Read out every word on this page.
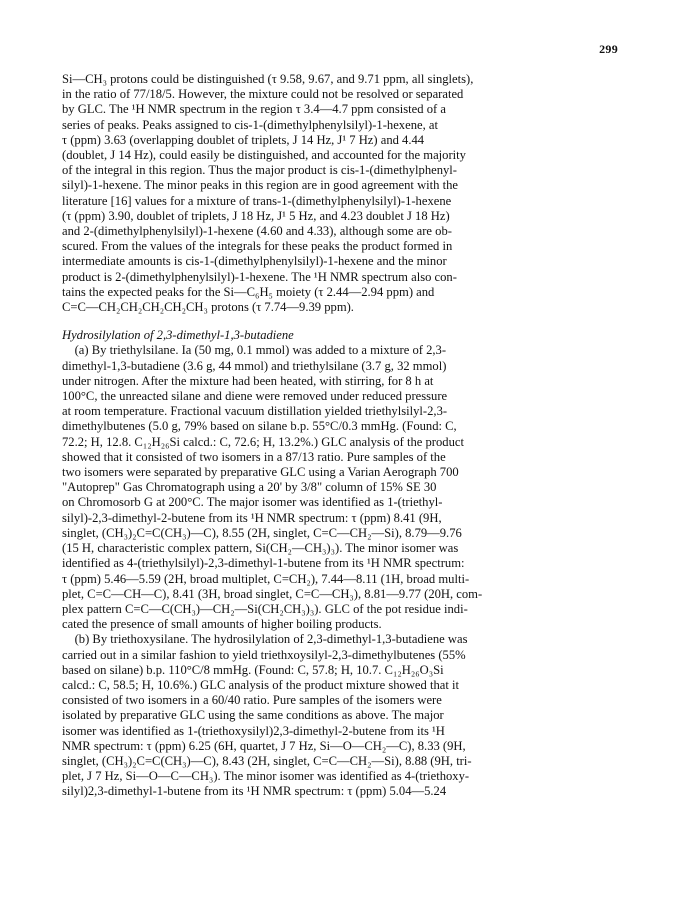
299
Si—CH₃ protons could be distinguished (τ 9.58, 9.67, and 9.71 ppm, all singlets),
in the ratio of 77/18/5. However, the mixture could not be resolved or separated
by GLC. The ¹H NMR spectrum in the region τ 3.4—4.7 ppm consisted of a
series of peaks. Peaks assigned to cis-1-(dimethylphenylsilyl)-1-hexene, at
τ (ppm) 3.63 (overlapping doublet of triplets, J 14 Hz, J¹ 7 Hz) and 4.44
(doublet, J 14 Hz), could easily be distinguished, and accounted for the majority
of the integral in this region. Thus the major product is cis-1-(dimethylphenyl-
silyl)-1-hexene. The minor peaks in this region are in good agreement with the
literature [16] values for a mixture of trans-1-(dimethylphenylsilyl)-1-hexene
(τ (ppm) 3.90, doublet of triplets, J 18 Hz, J¹ 5 Hz, and 4.23 doublet J 18 Hz)
and 2-(dimethylphenylsilyl)-1-hexene (4.60 and 4.33), although some are ob-
scured. From the values of the integrals for these peaks the product formed in
intermediate amounts is cis-1-(dimethylphenylsilyl)-1-hexene and the minor
product is 2-(dimethylphenylsilyl)-1-hexene. The ¹H NMR spectrum also con-
tains the expected peaks for the Si—C₆H₅ moiety (τ 2.44—2.94 ppm) and
C=C—CH₂CH₂CH₂CH₂CH₃ protons (τ 7.74—9.39 ppm).
Hydrosilylation of 2,3-dimethyl-1,3-butadiene
(a) By triethylsilane. Ia (50 mg, 0.1 mmol) was added to a mixture of 2,3-
dimethyl-1,3-butadiene (3.6 g, 44 mmol) and triethylsilane (3.7 g, 32 mmol)
under nitrogen. After the mixture had been heated, with stirring, for 8 h at
100°C, the unreacted silane and diene were removed under reduced pressure
at room temperature. Fractional vacuum distillation yielded triethylsilyl-2,3-
dimethylbutenes (5.0 g, 79% based on silane b.p. 55°C/0.3 mmHg. (Found: C,
72.2; H, 12.8. C₁₂H₂₆Si calcd.: C, 72.6; H, 13.2%.) GLC analysis of the product
showed that it consisted of two isomers in a 87/13 ratio. Pure samples of the
two isomers were separated by preparative GLC using a Varian Aerograph 700
"Autoprep" Gas Chromatograph using a 20' by 3/8" column of 15% SE 30
on Chromosorb G at 200°C. The major isomer was identified as 1-(triethyl-
silyl)-2,3-dimethyl-2-butene from its ¹H NMR spectrum: τ (ppm) 8.41 (9H,
singlet, (CH₃)₂C=C(CH₃)—C), 8.55 (2H, singlet, C=C—CH₂—Si), 8.79—9.76
(15 H, characteristic complex pattern, Si(CH₂—CH₃)₃). The minor isomer was
identified as 4-(triethylsilyl)-2,3-dimethyl-1-butene from its ¹H NMR spectrum:
τ (ppm) 5.46—5.59 (2H, broad multiplet, C=CH₂), 7.44—8.11 (1H, broad multi-
plet, C=C—CH—C), 8.41 (3H, broad singlet, C=C—CH₃), 8.81—9.77 (20H, com-
plex pattern C=C—C(CH₃)—CH₂—Si(CH₂CH₃)₃). GLC of the pot residue indi-
cated the presence of small amounts of higher boiling products.
(b) By triethoxysilane. The hydrosilylation of 2,3-dimethyl-1,3-butadiene was
carried out in a similar fashion to yield triethxoysilyl-2,3-dimethylbutenes (55%
based on silane) b.p. 110°C/8 mmHg. (Found: C, 57.8; H, 10.7. C₁₂H₂₆O₃Si
calcd.: C, 58.5; H, 10.6%.) GLC analysis of the product mixture showed that it
consisted of two isomers in a 60/40 ratio. Pure samples of the isomers were
isolated by preparative GLC using the same conditions as above. The major
isomer was identified as 1-(triethoxysilyl)2,3-dimethyl-2-butene from its ¹H
NMR spectrum: τ (ppm) 6.25 (6H, quartet, J 7 Hz, Si—O—CH₂—C), 8.33 (9H,
singlet, (CH₃)₂C=C(CH₃)—C), 8.43 (2H, singlet, C=C—CH₂—Si), 8.88 (9H, tri-
plet, J 7 Hz, Si—O—C—CH₃). The minor isomer was identified as 4-(triethoxy-
silyl)2,3-dimethyl-1-butene from its ¹H NMR spectrum: τ (ppm) 5.04—5.24
